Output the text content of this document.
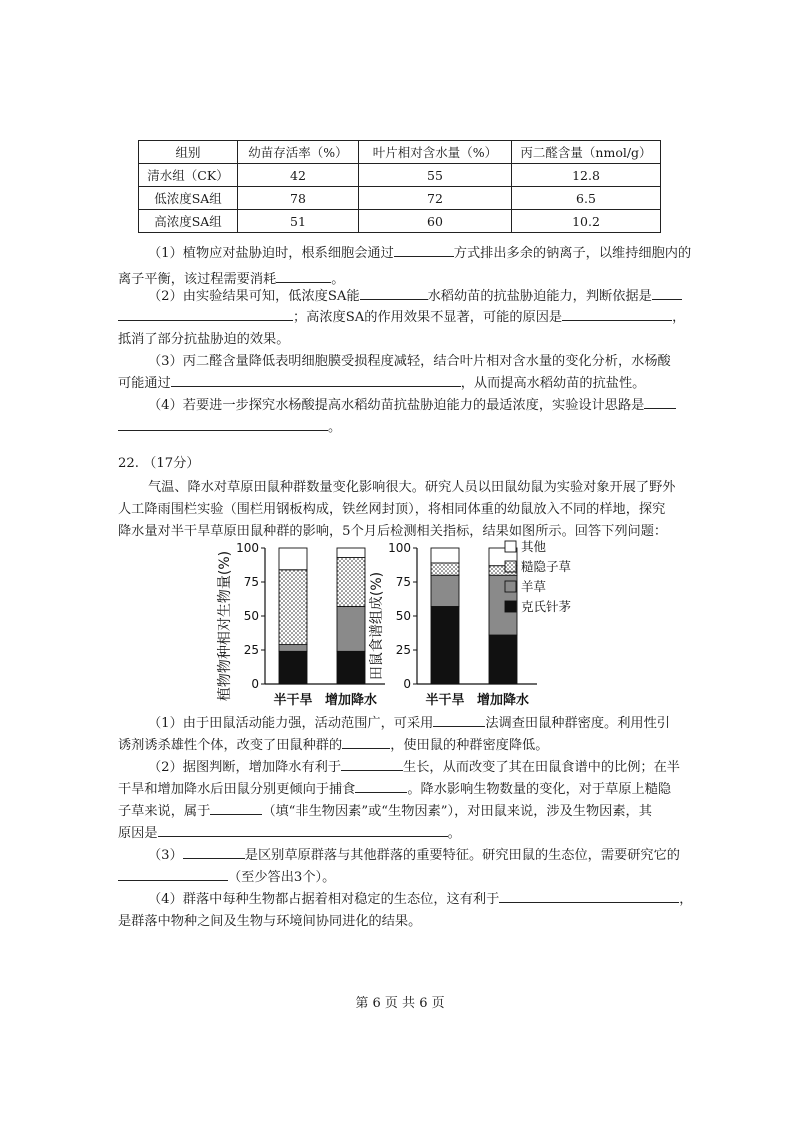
组别	幼苗存活率（%）	叶片相对含水量（%）	丙二醛含量（nmol/g）
清水组（CK）	42	55	12.8
低浓度SA组	78	72	6.5
高浓度SA组	51	60	10.2
（1）植物应对盐胁迫时，根系细胞会通过	方式排出多余的钠离子，以维持细胞内的
离子平衡，该过程需要消耗	。
（2）由实验结果可知，低浓度SA能	水稻幼苗的抗盐胁迫能力，判断依据是
；高浓度SA的作用效果不显著，可能的原因是	，
抵消了部分抗盐胁迫的效果。
（3）丙二醛含量降低表明细胞膜受损程度减轻，结合叶片相对含水量的变化分析，水杨酸
可能通过	，从而提高水稻幼苗的抗盐性。
（4）若要进一步探究水杨酸提高水稻幼苗抗盐胁迫能力的最适浓度，实验设计思路是
。
22. （17分）
气温、降水对草原田鼠种群数量变化影响很大。研究人员以田鼠幼鼠为实验对象开展了野外
人工降雨围栏实验（围栏用钢板构成，铁丝网封顶），将相同体重的幼鼠放入不同的样地，探究
降水量对半干旱草原田鼠种群的影响，5个月后检测相关指标，结果如图所示。回答下列问题：
植物物种相对生物量(%) 0
25
50
75
100
半干旱 增加降水
田鼠食谱组成(%)
0
25
50
75
100
半干旱 增加降水
其他
糙隐子草
羊草
克氏针茅
（1）由于田鼠活动能力强，活动范围广，可采用	法调查田鼠种群密度。利用性引
诱剂诱杀雄性个体，改变了田鼠种群的	，使田鼠的种群密度降低。
（2）据图判断，增加降水有利于	生长，从而改变了其在田鼠食谱中的比例；在半
干旱和增加降水后田鼠分别更倾向于捕食	。降水影响生物数量的变化，对于草原上糙隐
子草来说，属于	（填“非生物因素”或“生物因素”），对田鼠来说，涉及生物因素，其
原因是	。
（3）	是区别草原群落与其他群落的重要特征。研究田鼠的生态位，需要研究它的
（至少答出3个）。
（4）群落中每种生物都占据着相对稳定的生态位，这有利于	，
是群落中物种之间及生物与环境间协同进化的结果。
第 6 页 共 6 页
